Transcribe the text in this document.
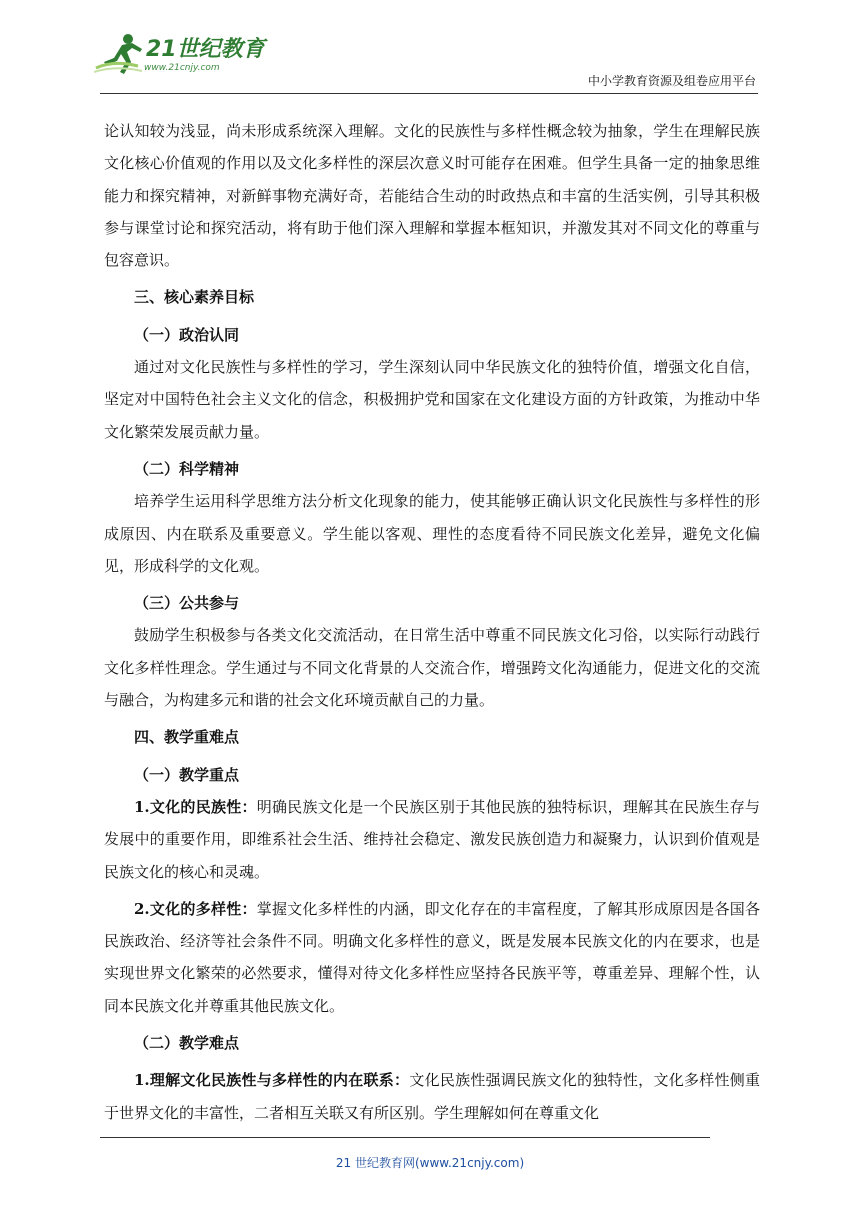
21世纪教育
www.21cnjy.com
中小学教育资源及组卷应用平台

论认知较为浅显，尚未形成系统深入理解。文化的民族性与多样性概念较为抽象，学生在理解民族文化核心价值观的作用以及文化多样性的深层次意义时可能存在困难。但学生具备一定的抽象思维能力和探究精神，对新鲜事物充满好奇，若能结合生动的时政热点和丰富的生活实例，引导其积极参与课堂讨论和探究活动，将有助于他们深入理解和掌握本框知识，并激发其对不同文化的尊重与包容意识。

三、核心素养目标

（一）政治认同

通过对文化民族性与多样性的学习，学生深刻认同中华民族文化的独特价值，增强文化自信，坚定对中国特色社会主义文化的信念，积极拥护党和国家在文化建设方面的方针政策，为推动中华文化繁荣发展贡献力量。

（二）科学精神

培养学生运用科学思维方法分析文化现象的能力，使其能够正确认识文化民族性与多样性的形成原因、内在联系及重要意义。学生能以客观、理性的态度看待不同民族文化差异，避免文化偏见，形成科学的文化观。

（三）公共参与

鼓励学生积极参与各类文化交流活动，在日常生活中尊重不同民族文化习俗，以实际行动践行文化多样性理念。学生通过与不同文化背景的人交流合作，增强跨文化沟通能力，促进文化的交流与融合，为构建多元和谐的社会文化环境贡献自己的力量。

四、教学重难点

（一）教学重点

1.文化的民族性：明确民族文化是一个民族区别于其他民族的独特标识，理解其在民族生存与发展中的重要作用，即维系社会生活、维持社会稳定、激发民族创造力和凝聚力，认识到价值观是民族文化的核心和灵魂。

2.文化的多样性：掌握文化多样性的内涵，即文化存在的丰富程度，了解其形成原因是各国各民族政治、经济等社会条件不同。明确文化多样性的意义，既是发展本民族文化的内在要求，也是实现世界文化繁荣的必然要求，懂得对待文化多样性应坚持各民族平等，尊重差异、理解个性，认同本民族文化并尊重其他民族文化。

（二）教学难点

1.理解文化民族性与多样性的内在联系：文化民族性强调民族文化的独特性，文化多样性侧重于世界文化的丰富性，二者相互关联又有所区别。学生理解如何在尊重文化

21 世纪教育网(www.21cnjy.com)
